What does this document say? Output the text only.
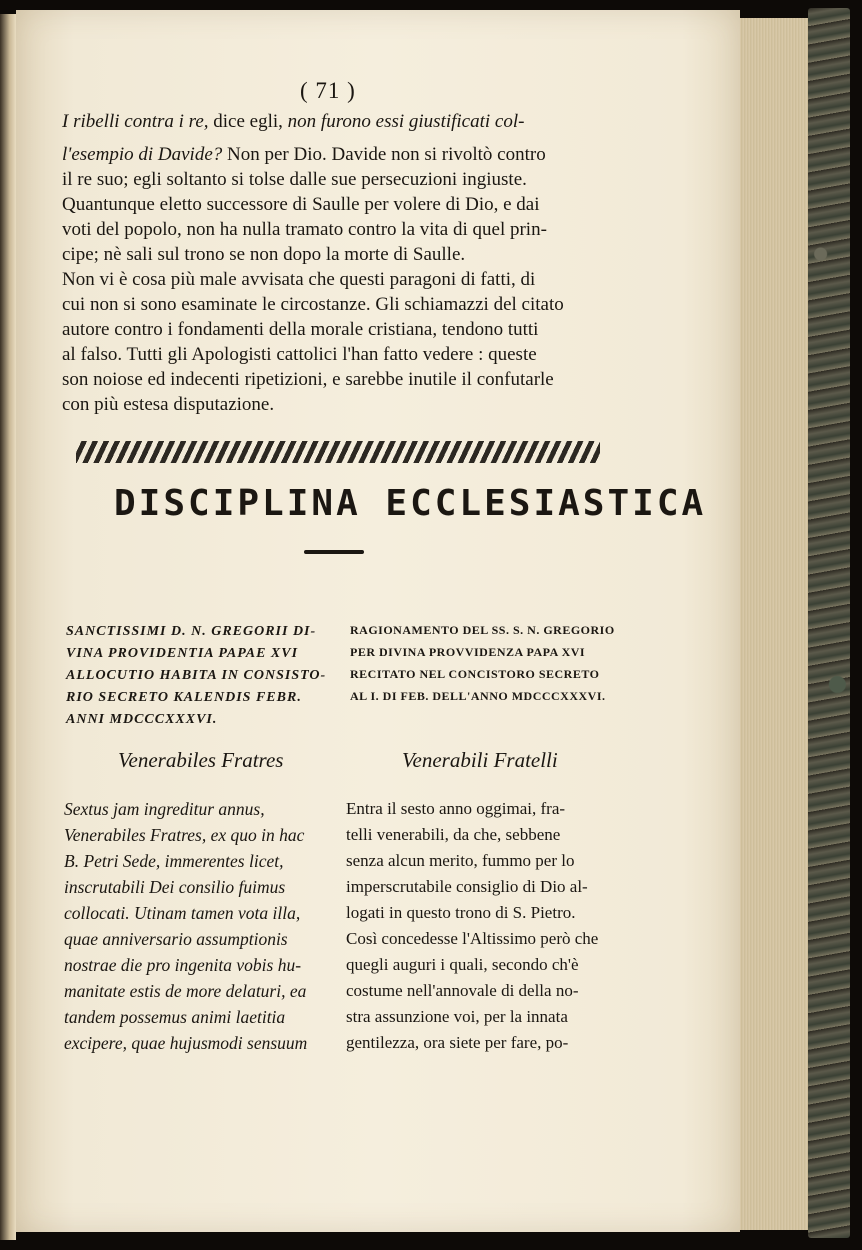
( 71 )
I ribelli contra i re, dice egli, non furono essi giustificati col-
l'esempio di Davide? Non per Dio. Davide non si rivoltò contro
il re suo; egli soltanto si tolse dalle sue persecuzioni ingiuste.
Quantunque eletto successore di Saulle per volere di Dio, e dai
voti del popolo, non ha nulla tramato contro la vita di quel prin-
cipe; nè sali sul trono se non dopo la morte di Saulle.
Non vi è cosa più male avvisata che questi paragoni di fatti, di
cui non si sono esaminate le circostanze. Gli schiamazzi del citato
autore contro i fondamenti della morale cristiana, tendono tutti
al falso. Tutti gli Apologisti cattolici l'han fatto vedere : queste
son noiose ed indecenti ripetizioni, e sarebbe inutile il confutarle
con più estesa disputazione.
DISCIPLINA ECCLESIASTICA
SANCTISSIMI D. N. GREGORII DI-
VINA PROVIDENTIA PAPAE XVI
ALLOCUTIO HABITA IN CONSISTO-
RIO SECRETO KALENDIS FEBR.
ANNI MDCCCXXXVI.
RAGIONAMENTO DEL SS. S. N. GREGORIO
PER DIVINA PROVVIDENZA PAPA XVI
RECITATO NEL CONCISTORO SECRETO
AL I. DI FEB. DELL'ANNO MDCCCXXXVI.
Venerabiles Fratres	Venerabili Fratelli
Sextus jam ingreditur annus,
Venerabiles Fratres, ex quo in hac
B. Petri Sede, immerentes licet,
inscrutabili Dei consilio fuimus
collocati. Utinam tamen vota illa,
quae anniversario assumptionis
nostrae die pro ingenita vobis hu-
manitate estis de more delaturi, ea
tandem possemus animi laetitia
excipere, quae hujusmodi sensuum
Entra il sesto anno oggimai, fra-
telli venerabili, da che, sebbene
senza alcun merito, fummo per lo
imperscrutabile consiglio di Dio al-
logati in questo trono di S. Pietro.
Così concedesse l'Altissimo però che
quegli auguri i quali, secondo ch'è
costume nell'annovale di della no-
stra assunzione voi, per la innata
gentilezza, ora siete per fare, po-
